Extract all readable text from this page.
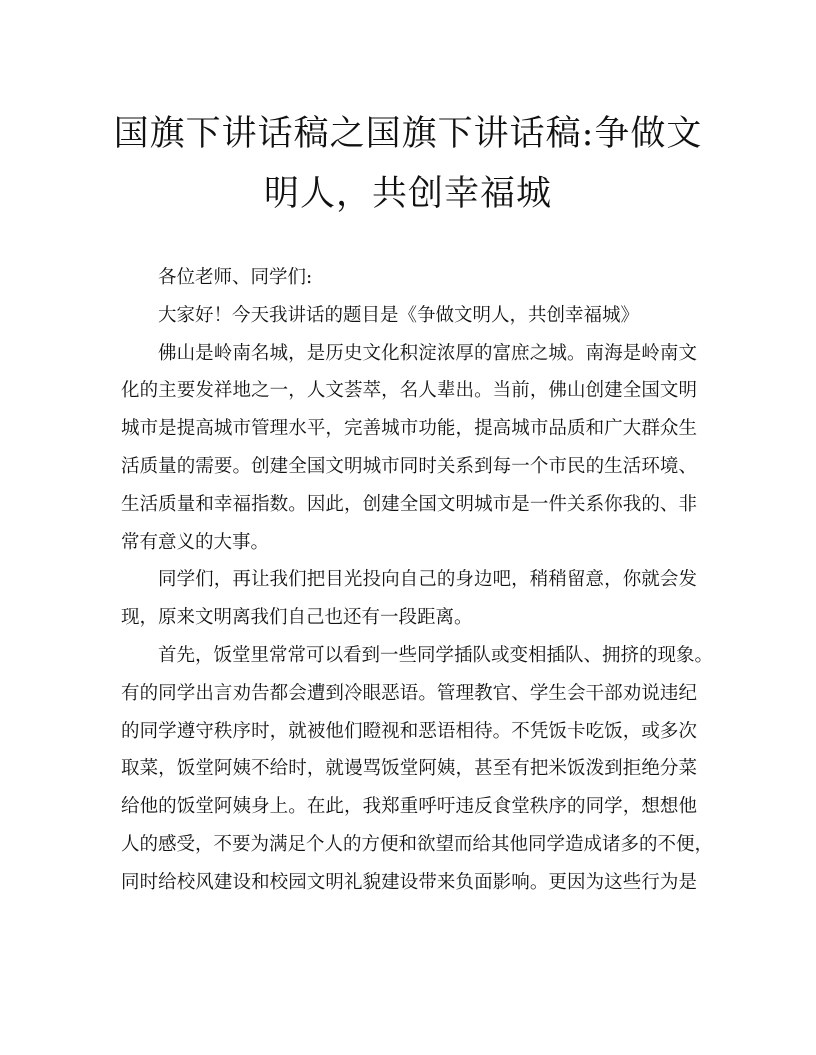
国旗下讲话稿之国旗下讲话稿:争做文
明人，共创幸福城

各位老师、同学们:

大家好！今天我讲话的题目是《争做文明人，共创幸福城》

佛山是岭南名城，是历史文化积淀浓厚的富庶之城。南海是岭南文
化的主要发祥地之一，人文荟萃，名人辈出。当前，佛山创建全国文明
城市是提高城市管理水平，完善城市功能，提高城市品质和广大群众生
活质量的需要。创建全国文明城市同时关系到每一个市民的生活环境、
生活质量和幸福指数。因此，创建全国文明城市是一件关系你我的、非
常有意义的大事。

同学们，再让我们把目光投向自己的身边吧，稍稍留意，你就会发
现，原来文明离我们自己也还有一段距离。

首先，饭堂里常常可以看到一些同学插队或变相插队、拥挤的现象。
有的同学出言劝告都会遭到冷眼恶语。管理教官、学生会干部劝说违纪
的同学遵守秩序时，就被他们瞪视和恶语相待。不凭饭卡吃饭，或多次
取菜，饭堂阿姨不给时，就谩骂饭堂阿姨，甚至有把米饭泼到拒绝分菜
给他的饭堂阿姨身上。在此，我郑重呼吁违反食堂秩序的同学，想想他
人的感受，不要为满足个人的方便和欲望而给其他同学造成诸多的不便，
同时给校风建设和校园文明礼貌建设带来负面影响。更因为这些行为是
